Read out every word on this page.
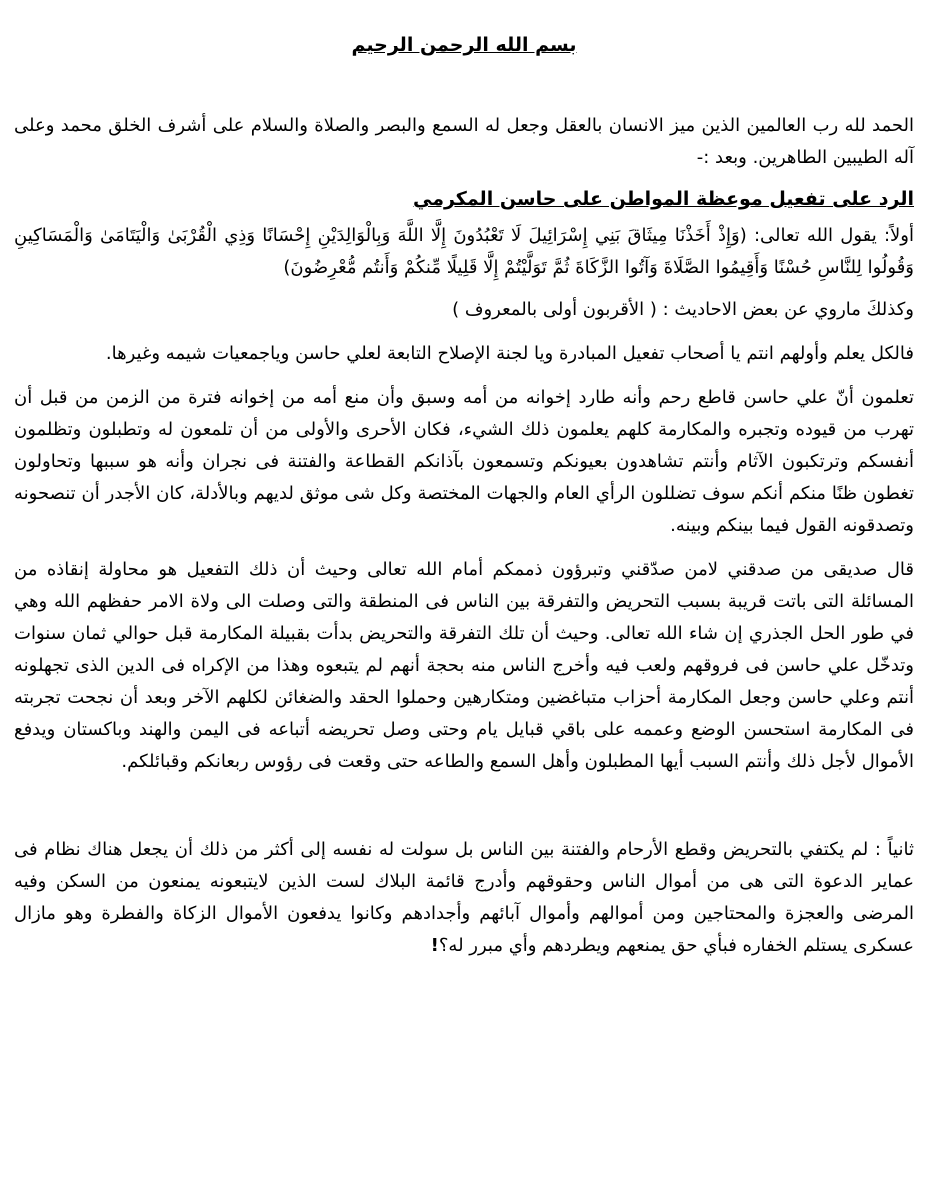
بسم الله الرحمن الرحيم

الحمد لله رب العالمين الذين ميز الانسان بالعقل وجعل له السمع والبصر والصلاة والسلام على أشرف الخلق محمد وعلى آله الطيبين الطاهرين. وبعد :-

الرد على تفعيل موعظة المواطن على حاسن المكرمي

أولاً: يقول الله تعالى: (وَإِذْ أَخَذْنَا مِيثَاقَ بَنِي إِسْرَائِيلَ لَا تَعْبُدُونَ إِلَّا اللَّهَ وَبِالْوَالِدَيْنِ إِحْسَانًا وَذِي الْقُرْبَىٰ وَالْيَتَامَىٰ وَالْمَسَاكِينِ وَقُولُوا لِلنَّاسِ حُسْنًا وَأَقِيمُوا الصَّلَاةَ وَآتُوا الزَّكَاةَ ثُمَّ تَوَلَّيْتُمْ إِلَّا قَلِيلًا مِّنكُمْ وَأَنتُم مُّعْرِضُونَ)

وكذلكَ ماروي عن بعض الاحاديث : ( الأقربون أولى بالمعروف )

فالكل يعلم وأولهم انتم يا أصحاب تفعيل المبادرة ويا لجنة الإصلاح التابعة لعلي حاسن وياجمعيات شيمه وغيرها.

تعلمون أنّ علي حاسن قاطع رحم وأنه طارد إخوانه من أمه وسبق وأن منع أمه من إخوانه فترة من الزمن من قبل أن تهرب من قيوده وتجبره والمكارمة كلهم يعلمون ذلك الشيء، فكان الأحرى والأولى من أن تلمعون له وتطبلون وتظلمون أنفسكم وترتكبون الآثام وأنتم تشاهدون بعيونكم وتسمعون بآذانكم القطاعة والفتنة فى نجران وأنه هو سببها وتحاولون تغطون ظنًا منكم أنكم سوف تضللون الرأي العام والجهات المختصة وكل شى موثق لديهم وبالأدلة، كان الأجدر أن تنصحونه وتصدقونه القول فيما بينكم وبينه.

قال صديقى من صدقني لامن صدّقني وتبرؤون ذممكم أمام الله تعالى وحيث أن ذلك التفعيل هو محاولة إنقاذه من المسائلة التى باتت قريبة بسبب التحريض والتفرقة بين الناس فى المنطقة والتى وصلت الى ولاة الامر حفظهم الله وهي في طور الحل الجذري إن شاء الله تعالى. وحيث أن تلك التفرقة والتحريض بدأت بقبيلة المكارمة قبل حوالي ثمان سنوات وتدخّل علي حاسن فى فروقهم ولعب فيه وأخرج الناس منه بحجة أنهم لم يتبعوه وهذا من الإكراه فى الدين الذى تجهلونه أنتم وعلي حاسن وجعل المكارمة أحزاب متباغضين ومتكارهين وحملوا الحقد والضغائن لكلهم الآخر وبعد أن نجحت تجربته فى المكارمة استحسن الوضع وعممه على باقي قبايل يام وحتى وصل تحريضه أتباعه فى اليمن والهند وباكستان ويدفع الأموال لأجل ذلك وأنتم السبب أيها المطبلون وأهل السمع والطاعه حتى وقعت فى رؤوس ربعانكم وقبائلكم.

ثانياً : لم يكتفي بالتحريض وقطع الأرحام والفتنة بين الناس بل سولت له نفسه إلى أكثر من ذلك أن يجعل هناك نظام فى عماير الدعوة التى هى من أموال الناس وحقوقهم وأدرج قائمة البلاك لست الذين لايتبعونه يمنعون من السكن وفيه المرضى والعجزة والمحتاجين ومن أموالهم وأموال آبائهم وأجدادهم وكانوا يدفعون الأموال الزكاة والفطرة وهو مازال عسكرى يستلم الخفاره فبأي حق يمنعهم ويطردهم وأي مبرر له؟!
